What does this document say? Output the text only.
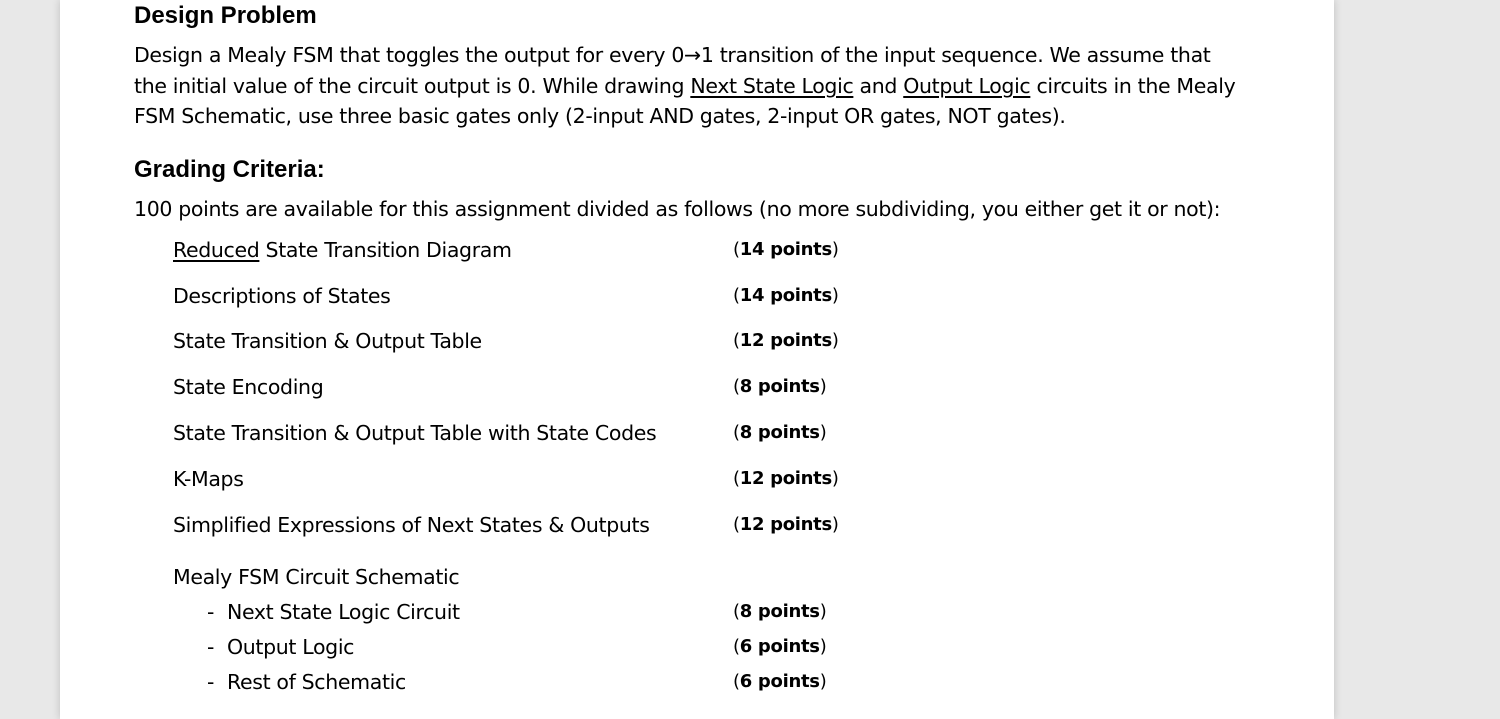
Design Problem
Design a Mealy FSM that toggles the output for every 0→1 transition of the input sequence. We assume that
the initial value of the circuit output is 0. While drawing Next State Logic and Output Logic circuits in the Mealy
FSM Schematic, use three basic gates only (2-input AND gates, 2-input OR gates, NOT gates).
Grading Criteria:
100 points are available for this assignment divided as follows (no more subdividing, you either get it or not):
Reduced State Transition Diagram	(14 points)
Descriptions of States	(14 points)
State Transition & Output Table	(12 points)
State Encoding	(8 points)
State Transition & Output Table with State Codes	(8 points)
K-Maps	(12 points)
Simplified Expressions of Next States & Outputs	(12 points)
Mealy FSM Circuit Schematic
- Next State Logic Circuit	(8 points)
- Output Logic	(6 points)
- Rest of Schematic	(6 points)
